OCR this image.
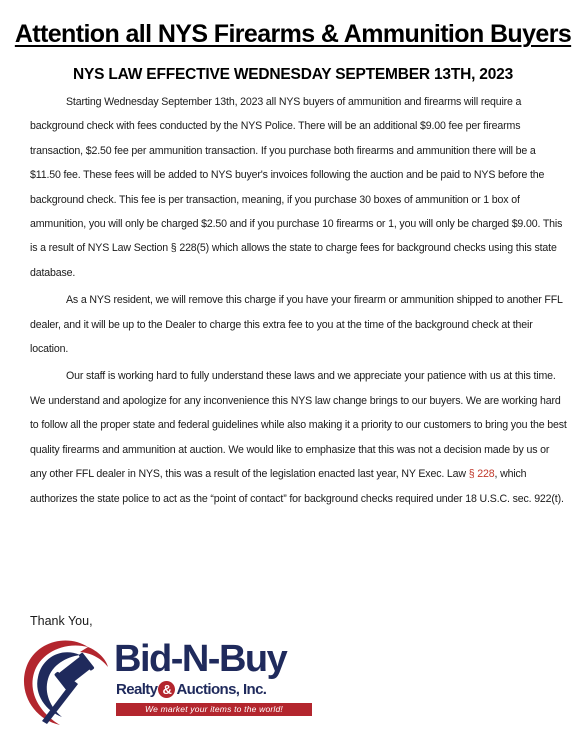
Attention all NYS Firearms & Ammunition Buyers
NYS LAW EFFECTIVE WEDNESDAY SEPTEMBER 13TH, 2023

Starting Wednesday September 13th, 2023 all NYS buyers of ammunition and firearms will require a background check with fees conducted by the NYS Police. There will be an additional $9.00 fee per firearms transaction, $2.50 fee per ammunition transaction. If you purchase both firearms and ammunition there will be a $11.50 fee. These fees will be added to NYS buyer's invoices following the auction and be paid to NYS before the background check. This fee is per transaction, meaning, if you purchase 30 boxes of ammunition or 1 box of ammunition, you will only be charged $2.50 and if you purchase 10 firearms or 1, you will only be charged $9.00. This is a result of NYS Law Section § 228(5) which allows the state to charge fees for background checks using this state database.

As a NYS resident, we will remove this charge if you have your firearm or ammunition shipped to another FFL dealer, and it will be up to the Dealer to charge this extra fee to you at the time of the background check at their location.

Our staff is working hard to fully understand these laws and we appreciate your patience with us at this time. We understand and apologize for any inconvenience this NYS law change brings to our buyers. We are working hard to follow all the proper state and federal guidelines while also making it a priority to our customers to bring you the best quality firearms and ammunition at auction. We would like to emphasize that this was not a decision made by us or any other FFL dealer in NYS, this was a result of the legislation enacted last year, NY Exec. Law § 228, which authorizes the state police to act as the “point of contact” for background checks required under 18 U.S.C. sec. 922(t).

Thank You,
Bid-N-Buy
Realty & Auctions, Inc.
We market your items to the world!
